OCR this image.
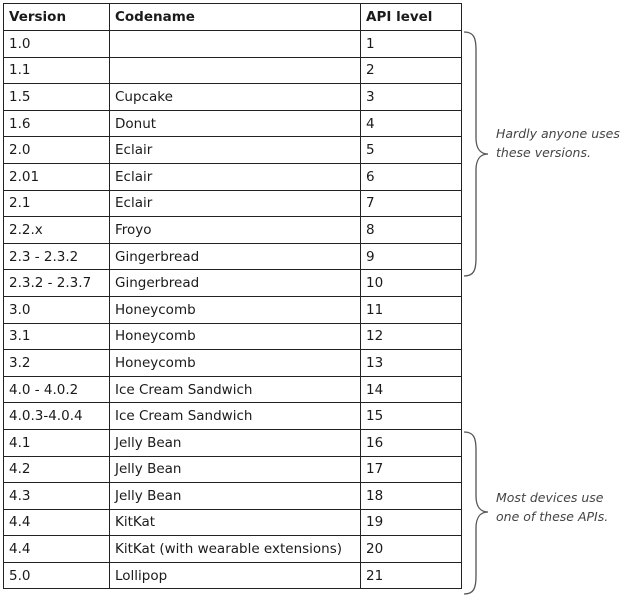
Version	Codename	API level
1.0		1
1.1		2
1.5	Cupcake	3
1.6	Donut	4
2.0	Eclair	5
2.01	Eclair	6
2.1	Eclair	7
2.2.x	Froyo	8
2.3 - 2.3.2	Gingerbread	9
2.3.2 - 2.3.7	Gingerbread	10
3.0	Honeycomb	11
3.1	Honeycomb	12
3.2	Honeycomb	13
4.0 - 4.0.2	Ice Cream Sandwich	14
4.0.3-4.0.4	Ice Cream Sandwich	15
4.1	Jelly Bean	16
4.2	Jelly Bean	17
4.3	Jelly Bean	18
4.4	KitKat	19
4.4	KitKat (with wearable extensions)	20
5.0	Lollipop	21
Hardly anyone uses
these versions.
Most devices use
one of these APIs.
